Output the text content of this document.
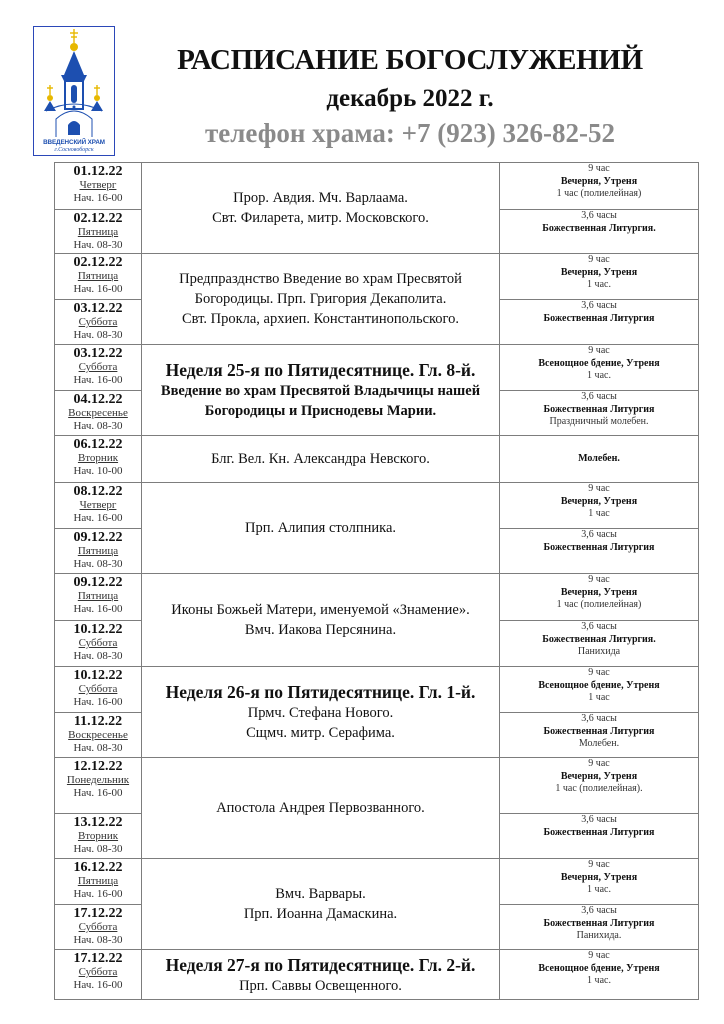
ВВЕДЕНСКИЙ ХРАМ
г.Сосновоборск
РАСПИСАНИЕ БОГОСЛУЖЕНИЙ
декабрь 2022 г.
телефон храма: +7 (923) 326-82-52
01.12.22
Четверг
Нач. 16-00
02.12.22
Пятница
Нач. 08-30
Прор. Авдия. Мч. Варлаама.
Свт. Филарета, митр. Московского.
9 час
Вечерня, Утреня
1 час (полиелейная)
3,6 часы
Божественная Литургия.
02.12.22
Пятница
Нач. 16-00
03.12.22
Суббота
Нач. 08-30
Предпразднство Введение во храм Пресвятой
Богородицы. Прп. Григория Декаполита.
Свт. Прокла, архиеп. Константинопольского.
9 час
Вечерня, Утреня
1 час.
3,6 часы
Божественная Литургия
03.12.22
Суббота
Нач. 16-00
04.12.22
Воскресенье
Нач. 08-30
Неделя 25-я по Пятидесятнице. Гл. 8-й.
Введение во храм Пресвятой Владычицы нашей
Богородицы и Приснодевы Марии.
9 час
Всенощное бдение, Утреня
1 час.
3,6 часы
Божественная Литургия
Праздничный молебен.
06.12.22
Вторник
Нач. 10-00
Блг. Вел. Кн. Александра Невского.	Молебен.
08.12.22
Четверг
Нач. 16-00
09.12.22
Пятница
Нач. 08-30
Прп. Алипия столпника.
9 час
Вечерня, Утреня
1 час
3,6 часы
Божественная Литургия
09.12.22
Пятница
Нач. 16-00
10.12.22
Суббота
Нач. 08-30
Иконы Божьей Матери, именуемой «Знамение».
Вмч. Иакова Персянина.
9 час
Вечерня, Утреня
1 час (полиелейная)
3,6 часы
Божественная Литургия.
Панихида
10.12.22
Суббота
Нач. 16-00
11.12.22
Воскресенье
Нач. 08-30
Неделя 26-я по Пятидесятнице. Гл. 1-й.
Прмч. Стефана Нового.
Сщмч. митр. Серафима.
9 час
Всенощное бдение, Утреня
1 час
3,6 часы
Божественная Литургия
Молебен.
12.12.22
Понедельник
Нач. 16-00
13.12.22
Вторник
Нач. 08-30
Апостола Андрея Первозванного.
9 час
Вечерня, Утреня
1 час (полиелейная).
3,6 часы
Божественная Литургия
16.12.22
Пятница
Нач. 16-00
17.12.22
Суббота
Нач. 08-30
Вмч. Варвары.
Прп. Иоанна Дамаскина.
9 час
Вечерня, Утреня
1 час.
3,6 часы
Божественная Литургия
Панихида.
17.12.22
Суббота
Нач. 16-00
Неделя 27-я по Пятидесятнице. Гл. 2-й.
Прп. Саввы Освещенного.
9 час
Всенощное бдение, Утреня
1 час.
